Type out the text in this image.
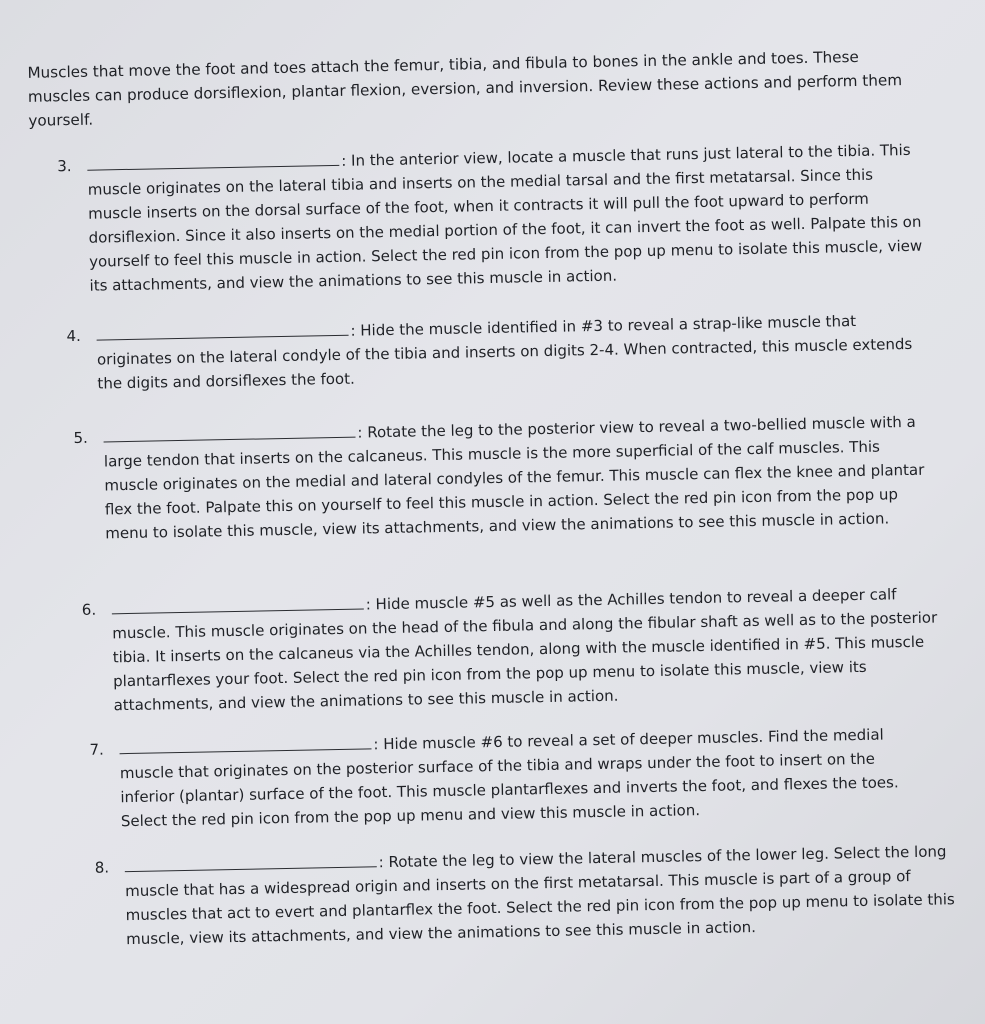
Muscles that move the foot and toes attach the femur, tibia, and fibula to bones in the ankle and toes. These muscles can produce dorsiflexion, plantar flexion, eversion, and inversion. Review these actions and perform them yourself.

3.	: In the anterior view, locate a muscle that runs just lateral to the tibia. This muscle originates on the lateral tibia and inserts on the medial tarsal and the first metatarsal. Since this muscle inserts on the dorsal surface of the foot, when it contracts it will pull the foot upward to perform dorsiflexion. Since it also inserts on the medial portion of the foot, it can invert the foot as well. Palpate this on yourself to feel this muscle in action. Select the red pin icon from the pop up menu to isolate this muscle, view its attachments, and view the animations to see this muscle in action.
4.	: Hide the muscle identified in #3 to reveal a strap-like muscle that originates on the lateral condyle of the tibia and inserts on digits 2-4. When contracted, this muscle extends the digits and dorsiflexes the foot.
5.	: Rotate the leg to the posterior view to reveal a two-bellied muscle with a large tendon that inserts on the calcaneus. This muscle is the more superficial of the calf muscles. This muscle originates on the medial and lateral condyles of the femur. This muscle can flex the knee and plantar flex the foot. Palpate this on yourself to feel this muscle in action. Select the red pin icon from the pop up menu to isolate this muscle, view its attachments, and view the animations to see this muscle in action.
6.	: Hide muscle #5 as well as the Achilles tendon to reveal a deeper calf muscle. This muscle originates on the head of the fibula and along the fibular shaft as well as to the posterior tibia. It inserts on the calcaneus via the Achilles tendon, along with the muscle identified in #5. This muscle plantarflexes your foot. Select the red pin icon from the pop up menu to isolate this muscle, view its attachments, and view the animations to see this muscle in action.
7.	: Hide muscle #6 to reveal a set of deeper muscles. Find the medial muscle that originates on the posterior surface of the tibia and wraps under the foot to insert on the inferior (plantar) surface of the foot. This muscle plantarflexes and inverts the foot, and flexes the toes. Select the red pin icon from the pop up menu and view this muscle in action.
8.	: Rotate the leg to view the lateral muscles of the lower leg. Select the long muscle that has a widespread origin and inserts on the first metatarsal. This muscle is part of a group of muscles that act to evert and plantarflex the foot. Select the red pin icon from the pop up menu to isolate this muscle, view its attachments, and view the animations to see this muscle in action.
